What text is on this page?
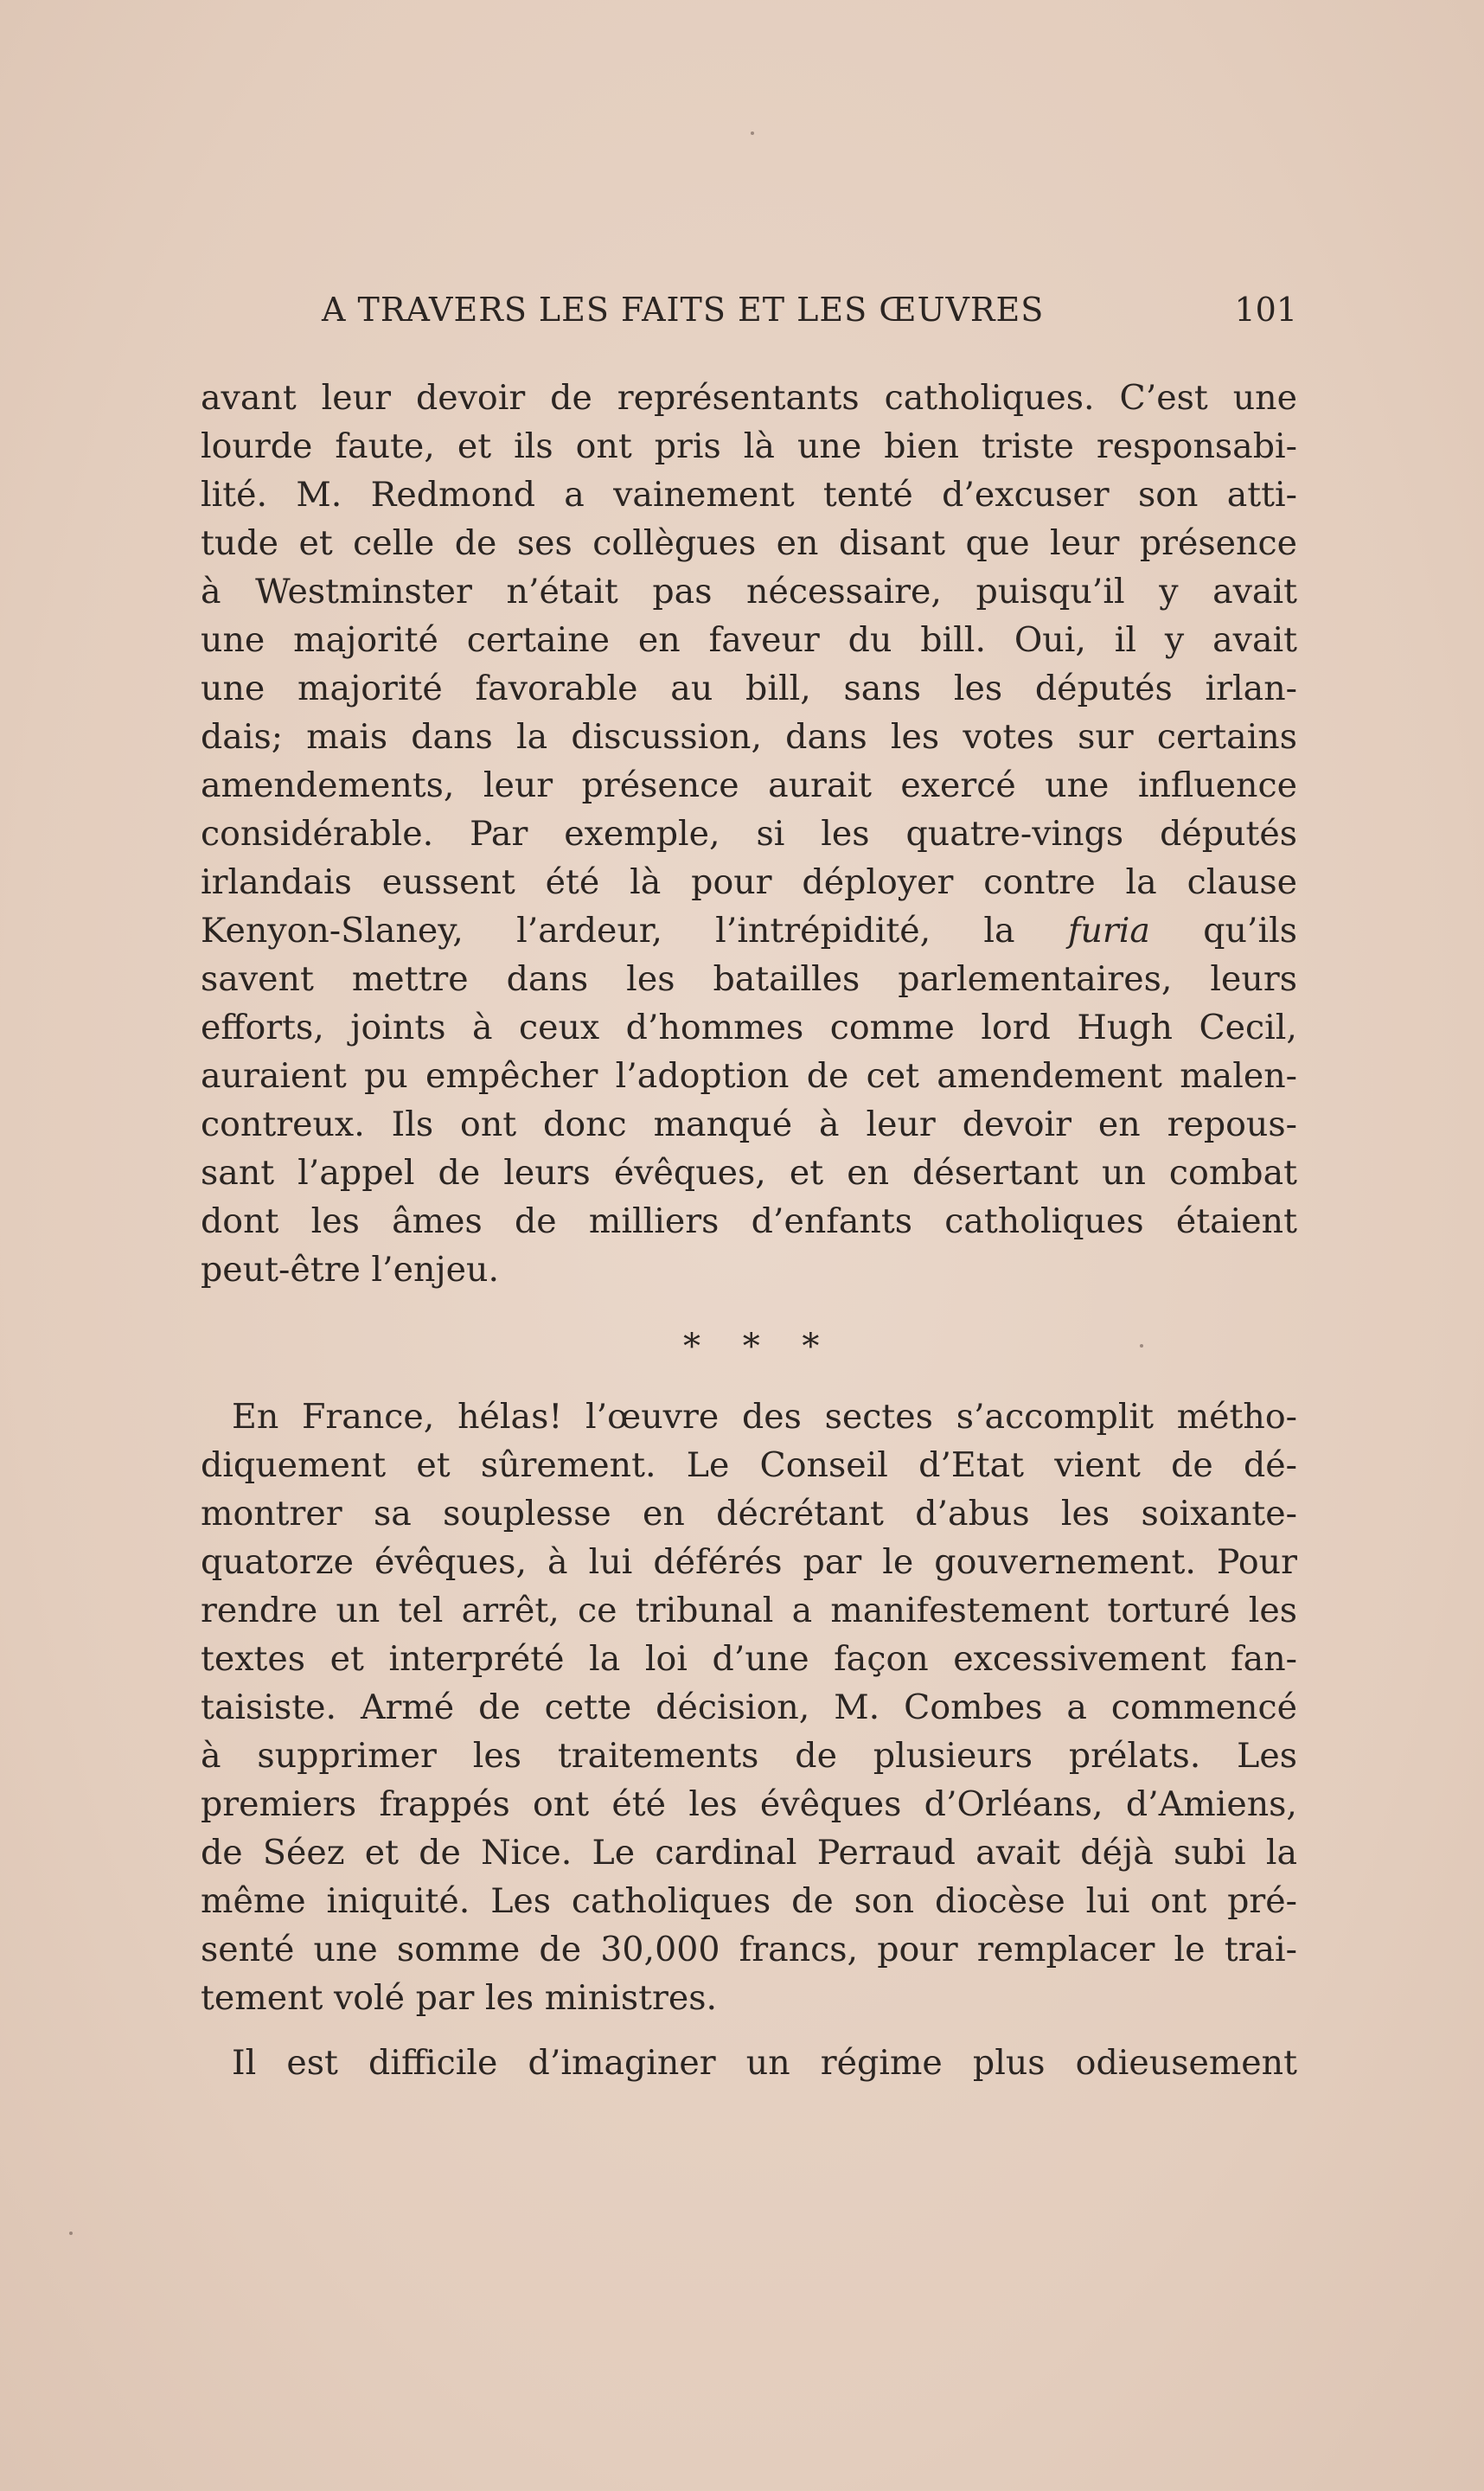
A TRAVERS LES FAITS ET LES ŒUVRES	101
avant leur devoir de représentants catholiques. C’est une
lourde faute, et ils ont pris là une bien triste responsabi-
lité. M. Redmond a vainement tenté d’excuser son atti-
tude et celle de ses collègues en disant que leur présence
à Westminster n’était pas nécessaire, puisqu’il y avait
une majorité certaine en faveur du bill. Oui, il y avait
une majorité favorable au bill, sans les députés irlan-
dais; mais dans la discussion, dans les votes sur certains
amendements, leur présence aurait exercé une influence
considérable. Par exemple, si les quatre-vings députés
irlandais eussent été là pour déployer contre la clause
Kenyon-Slaney, l’ardeur, l’intrépidité, la furia qu’ils
savent mettre dans les batailles parlementaires, leurs
efforts, joints à ceux d’hommes comme lord Hugh Cecil,
auraient pu empêcher l’adoption de cet amendement malen-
contreux. Ils ont donc manqué à leur devoir en repous-
sant l’appel de leurs évêques, et en désertant un combat
dont les âmes de milliers d’enfants catholiques étaient
peut-être l’enjeu.
* * *
En France, hélas! l’œuvre des sectes s’accomplit métho-
diquement et sûrement. Le Conseil d’Etat vient de dé-
montrer sa souplesse en décrétant d’abus les soixante-
quatorze évêques, à lui déférés par le gouvernement. Pour
rendre un tel arrêt, ce tribunal a manifestement torturé les
textes et interprété la loi d’une façon excessivement fan-
taisiste. Armé de cette décision, M. Combes a commencé
à supprimer les traitements de plusieurs prélats. Les
premiers frappés ont été les évêques d’Orléans, d’Amiens,
de Séez et de Nice. Le cardinal Perraud avait déjà subi la
même iniquité. Les catholiques de son diocèse lui ont pré-
senté une somme de 30,000 francs, pour remplacer le trai-
tement volé par les ministres.
Il est difficile d’imaginer un régime plus odieusement
